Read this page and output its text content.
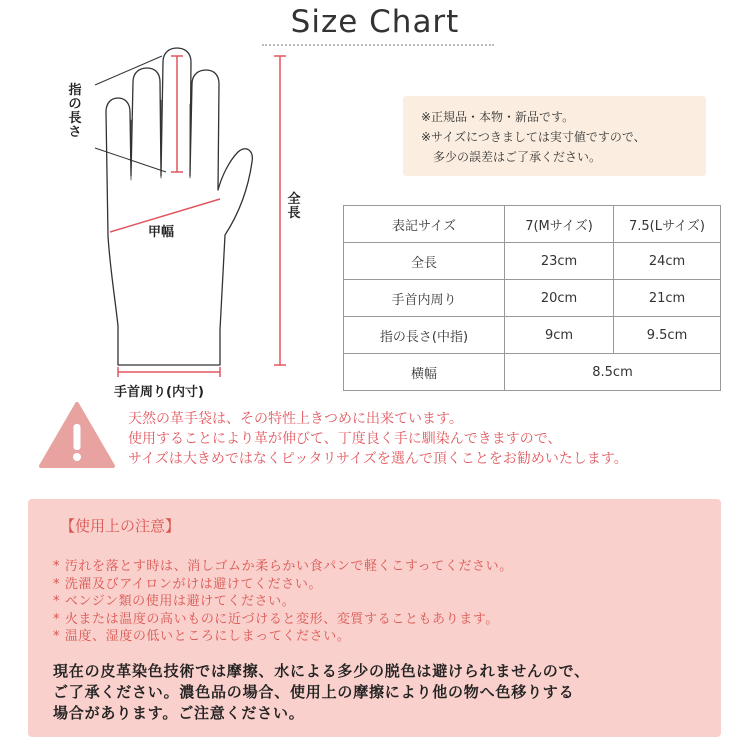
Size Chart
指の長さ
甲幅
全長
手首周り(内寸)

※正規品・本物・新品です。

※サイズにつきましては実寸値ですので、

　多少の誤差はご了承ください。

表記サイズ	7(Mサイズ)	7.5(Lサイズ)
全長	23cm	24cm
手首内周り	20cm	21cm
指の長さ(中指)	9cm	9.5cm
横幅	8.5cm	
天然の革手袋は、その特性上きつめに出来ています。
使用することにより革が伸びて、丁度良く手に馴染んできますので、
サイズは大きめではなくピッタリサイズを選んで頂くことをお勧めいたします。
【使用上の注意】
* 汚れを落とす時は、消しゴムか柔らかい食パンで軽くこすってください。
* 洗濯及びアイロンがけは避けてください。
* ベンジン類の使用は避けてください。
* 火または温度の高いものに近づけると変形、変質することもあります。
* 温度、湿度の低いところにしまってください。
現在の皮革染色技術では摩擦、水による多少の脱色は避けられませんので、
ご了承ください。濃色品の場合、使用上の摩擦により他の物へ色移りする
場合があります。ご注意ください。
